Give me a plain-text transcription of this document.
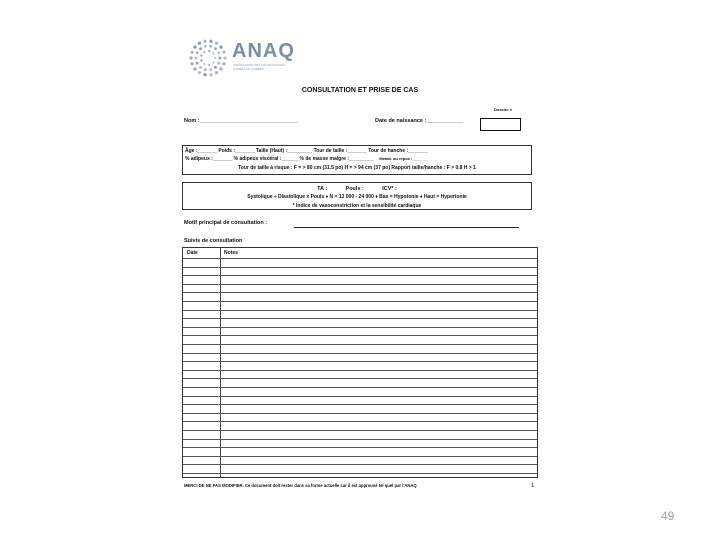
ANAQ
ASSOCIATION DES NATUROPATHES AGRÉÉS DU QUÉBEC
CONSULTATION ET PRISE DE CAS
Dossier #
Nom :________________________________	Date de naissance :____________
Âge :_______ Poids :_______ Taille (Haut) :_________ Tour de taille :_______ Tour de hanche :_______
% adipeux :_______ % adipeux viscéral :______ % de masse maigre :_________ Métab. au repos :_______
Tour de taille à risque : F = > 80 cm (31.5 po) H = > 94 cm (37 po) Rapport taille/hanche : F > 0.8 H > 1
TA :            Pouls :            ICV* :
Systolique ÷ Diastolique x Pouls ♦ N = 12 000 - 24 000 ♦ Bas = Hypotonie ♦ Haut = Hypertonie
* Indice de vasoconstriction et la sensibilité cardiaque
Motif principal de consultation :
Suivis de consultation
Date	Notes
MERCI DE NE PAS MODIFIER. Ce document doit rester dans sa forme actuelle car il est approuvé tel quel par l'ANAQ	1
49
